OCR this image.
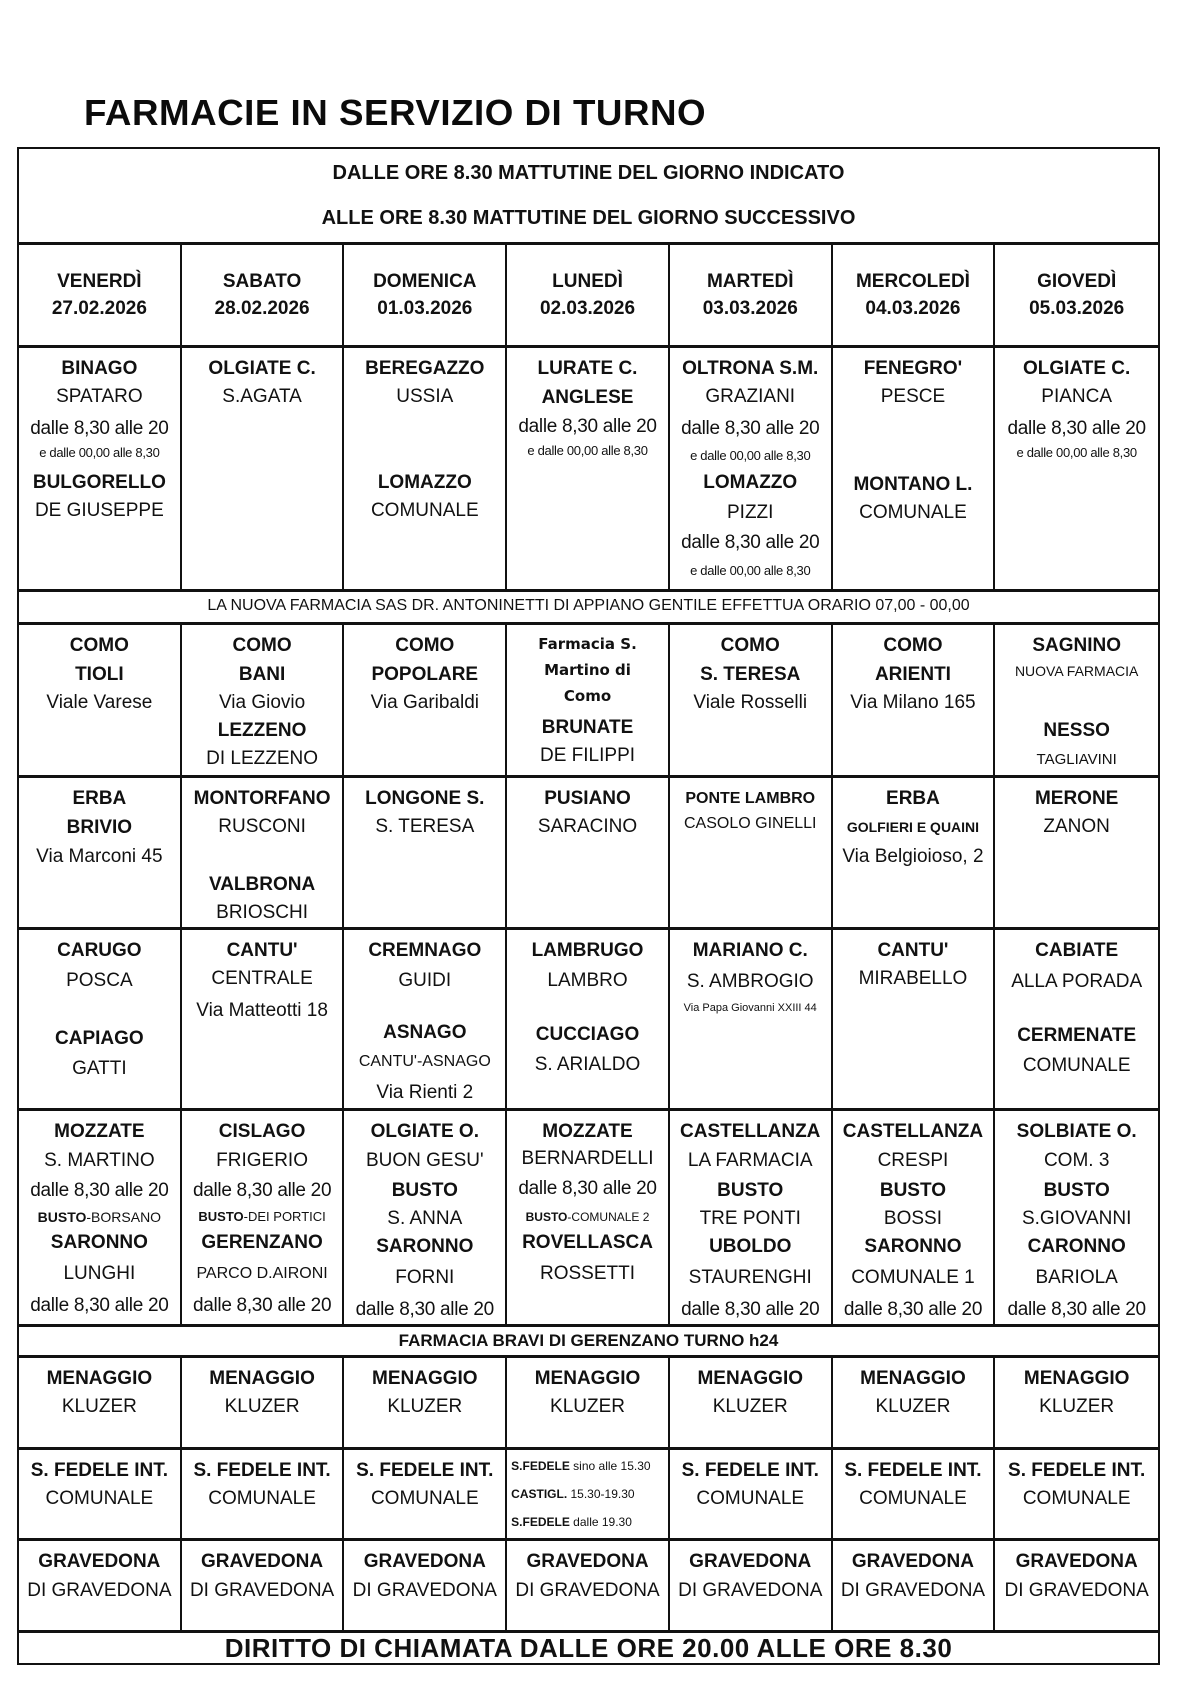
FARMACIE IN SERVIZIO DI TURNO
DALLE ORE 8.30 MATTUTINE DEL GIORNO INDICATO
ALLE ORE 8.30 MATTUTINE DEL GIORNO SUCCESSIVO
VENERDÌ
27.02.2026
SABATO
28.02.2026
DOMENICA
01.03.2026
LUNEDÌ
02.03.2026
MARTEDÌ
03.03.2026
MERCOLEDÌ
04.03.2026
GIOVEDÌ
05.03.2026
BINAGO
SPATARO
dalle 8,30 alle 20
e dalle 00,00 alle 8,30
BULGORELLO
DE GIUSEPPE
OLGIATE C.
S.AGATA
BEREGAZZO
USSIA
LOMAZZO
COMUNALE
LURATE C.
ANGLESE
dalle 8,30 alle 20
e dalle 00,00 alle 8,30
OLTRONA S.M.
GRAZIANI
dalle 8,30 alle 20
e dalle 00,00 alle 8,30
LOMAZZO
PIZZI
dalle 8,30 alle 20
e dalle 00,00 alle 8,30
FENEGRO'
PESCE
MONTANO L.
COMUNALE
OLGIATE C.
PIANCA
dalle 8,30 alle 20
e dalle 00,00 alle 8,30
LA NUOVA FARMACIA SAS DR. ANTONINETTI DI APPIANO GENTILE EFFETTUA ORARIO 07,00 - 00,00
COMO
TIOLI
Viale Varese
COMO
BANI
Via Giovio
LEZZENO
DI LEZZENO
COMO
POPOLARE
Via Garibaldi
Farmacia S.
Martino di
Como
BRUNATE
DE FILIPPI
COMO
S. TERESA
Viale Rosselli
COMO
ARIENTI
Via Milano 165
SAGNINO
NUOVA FARMACIA
NESSO
TAGLIAVINI
ERBA
BRIVIO
Via Marconi 45
MONTORFANO
RUSCONI
VALBRONA
BRIOSCHI
LONGONE S.
S. TERESA
PUSIANO
SARACINO
PONTE LAMBRO
CASOLO GINELLI
ERBA
GOLFIERI E QUAINI
Via Belgioioso, 2
MERONE
ZANON
CARUGO
POSCA
CAPIAGO
GATTI
CANTU'
CENTRALE
Via Matteotti 18
CREMNAGO
GUIDI
ASNAGO
CANTU'-ASNAGO
Via Rienti 2
LAMBRUGO
LAMBRO
CUCCIAGO
S. ARIALDO
MARIANO C.
S. AMBROGIO
Via Papa Giovanni XXIII 44
CANTU'
MIRABELLO
CABIATE
ALLA PORADA
CERMENATE
COMUNALE
MOZZATE
S. MARTINO
dalle 8,30 alle 20
BUSTO-BORSANO
SARONNO
LUNGHI
dalle 8,30 alle 20
CISLAGO
FRIGERIO
dalle 8,30 alle 20
BUSTO-DEI PORTICI
GERENZANO
PARCO D.AIRONI
dalle 8,30 alle 20
OLGIATE O.
BUON GESU'
BUSTO
S. ANNA
SARONNO
FORNI
dalle 8,30 alle 20
MOZZATE
BERNARDELLI
dalle 8,30 alle 20
BUSTO-COMUNALE 2
ROVELLASCA
ROSSETTI
CASTELLANZA
LA FARMACIA
BUSTO
TRE PONTI
UBOLDO
STAURENGHI
dalle 8,30 alle 20
CASTELLANZA
CRESPI
BUSTO
BOSSI
SARONNO
COMUNALE 1
dalle 8,30 alle 20
SOLBIATE O.
COM. 3
BUSTO
S.GIOVANNI
CARONNO
BARIOLA
dalle 8,30 alle 20
FARMACIA BRAVI DI GERENZANO TURNO h24
MENAGGIO
KLUZER
MENAGGIO
KLUZER
MENAGGIO
KLUZER
MENAGGIO
KLUZER
MENAGGIO
KLUZER
MENAGGIO
KLUZER
MENAGGIO
KLUZER
S. FEDELE INT.
COMUNALE
S. FEDELE INT.
COMUNALE
S. FEDELE INT.
COMUNALE
S.FEDELE sino alle 15.30
CASTIGL. 15.30-19.30
S.FEDELE dalle 19.30
S. FEDELE INT.
COMUNALE
S. FEDELE INT.
COMUNALE
S. FEDELE INT.
COMUNALE
GRAVEDONA
DI GRAVEDONA
GRAVEDONA
DI GRAVEDONA
GRAVEDONA
DI GRAVEDONA
GRAVEDONA
DI GRAVEDONA
GRAVEDONA
DI GRAVEDONA
GRAVEDONA
DI GRAVEDONA
GRAVEDONA
DI GRAVEDONA
DIRITTO DI CHIAMATA DALLE ORE 20.00 ALLE ORE 8.30
